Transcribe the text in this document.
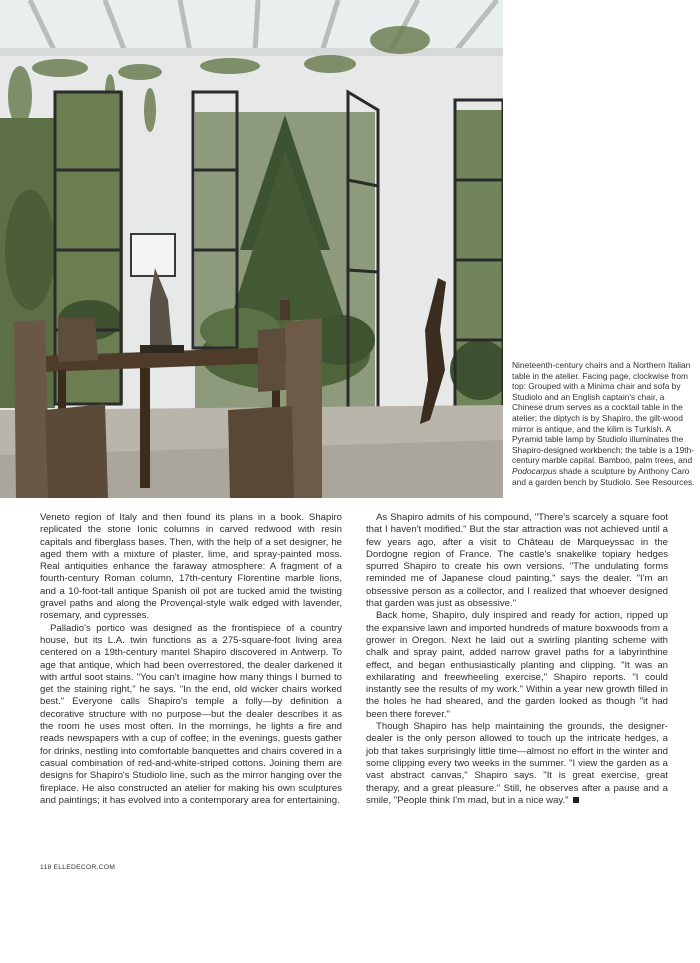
Nineteenth-century chairs and a Northern Italian table in the atelier. Facing page, clockwise from top: Grouped with a Minima chair and sofa by Studiolo and an English captain's chair, a Chinese drum serves as a cocktail table in the atelier; the diptych is by Shapiro, the gilt-wood mirror is antique, and the kilim is Turkish. A Pyramid table lamp by Studiolo illuminates the Shapiro-designed workbench; the table is a 19th-century marble capital. Bamboo, palm trees, and Podocarpus shade a sculpture by Anthony Caro and a garden bench by Studiolo. See Resources.

Veneto region of Italy and then found its plans in a book. Shapiro replicated the stone Ionic columns in carved redwood with resin capitals and fiberglass bases. Then, with the help of a set designer, he aged them with a mixture of plaster, lime, and spray-painted moss. Real antiquities enhance the faraway atmosphere: A fragment of a fourth-century Roman column, 17th-century Florentine marble lions, and a 10-foot-tall antique Spanish oil pot are tucked amid the twisting gravel paths and along the Provençal-style walk edged with lavender, rosemary, and cypresses.

Palladio's portico was designed as the frontispiece of a country house, but its L.A. twin functions as a 275-square-foot living area centered on a 19th-century mantel Shapiro discovered in Antwerp. To age that antique, which had been overrestored, the dealer darkened it with artful soot stains. "You can't imagine how many things I burned to get the staining right," he says. "In the end, old wicker chairs worked best." Everyone calls Shapiro's temple a folly—by definition a decorative structure with no purpose—but the dealer describes it as the room he uses most often. In the mornings, he lights a fire and reads newspapers with a cup of coffee; in the evenings, guests gather for drinks, nestling into comfortable banquettes and chairs covered in a casual combination of red-and-white-striped cottons. Joining them are designs for Shapiro's Studiolo line, such as the mirror hanging over the fireplace. He also constructed an atelier for making his own sculptures and paintings; it has evolved into a contemporary area for entertaining.

As Shapiro admits of his compound, "There's scarcely a square foot that I haven't modified." But the star attraction was not achieved until a few years ago, after a visit to Château de Marqueyssac in the Dordogne region of France. The castle's snakelike topiary hedges spurred Shapiro to create his own versions. "The undulating forms reminded me of Japanese cloud painting," says the dealer. "I'm an obsessive person as a collector, and I realized that whoever designed that garden was just as obsessive."

Back home, Shapiro, duly inspired and ready for action, ripped up the expansive lawn and imported hundreds of mature boxwoods from a grower in Oregon. Next he laid out a swirling planting scheme with chalk and spray paint, added narrow gravel paths for a labyrinthine effect, and began enthusiastically planting and clipping. "It was an exhilarating and freewheeling exercise," Shapiro reports. "I could instantly see the results of my work." Within a year new growth filled in the holes he had sheared, and the garden looked as though "it had been there forever."

Though Shapiro has help maintaining the grounds, the designer-dealer is the only person allowed to touch up the intricate hedges, a job that takes surprisingly little time—almost no effort in the winter and some clipping every two weeks in the summer. "I view the garden as a vast abstract canvas," Shapiro says. "It is great exercise, great therapy, and a great pleasure." Still, he observes after a pause and a smile, "People think I'm mad, but in a nice way."

118 ELLEDECOR.COM
